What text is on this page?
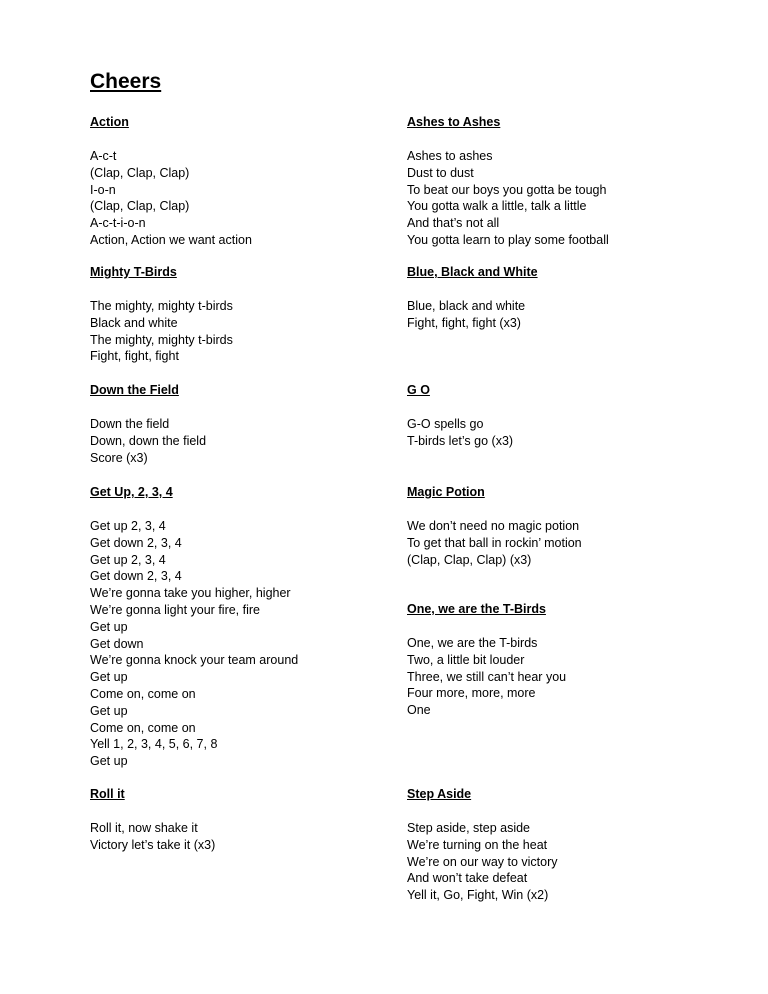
Cheers
Action
A-c-t
(Clap, Clap, Clap)
I-o-n
(Clap, Clap, Clap)
A-c-t-i-o-n
Action, Action we want action
Ashes to Ashes
Ashes to ashes
Dust to dust
To beat our boys you gotta be tough
You gotta walk a little, talk a little
And that’s not all
You gotta learn to play some football
Mighty T-Birds
The mighty, mighty t-birds
Black and white
The mighty, mighty t-birds
Fight, fight, fight
Blue, Black and White
Blue, black and white
Fight, fight, fight (x3)
Down the Field
Down the field
Down, down the field
Score (x3)
G O
G-O spells go
T-birds let’s go (x3)
Get Up, 2, 3, 4
Get up 2, 3, 4
Get down 2, 3, 4
Get up 2, 3, 4
Get down 2, 3, 4
We’re gonna take you higher, higher
We’re gonna light your fire, fire
Get up
Get down
We’re gonna knock your team around
Get up
Come on, come on
Get up
Come on, come on
Yell 1, 2, 3, 4, 5, 6, 7, 8
Get up
Magic Potion
We don’t need no magic potion
To get that ball in rockin’ motion
(Clap, Clap, Clap) (x3)
One, we are the T-Birds
One, we are the T-birds
Two, a little bit louder
Three, we still can’t hear you
Four more, more, more
One
Roll it
Roll it, now shake it
Victory let’s take it (x3)
Step Aside
Step aside, step aside
We’re turning on the heat
We’re on our way to victory
And won’t take defeat
Yell it, Go, Fight, Win (x2)
